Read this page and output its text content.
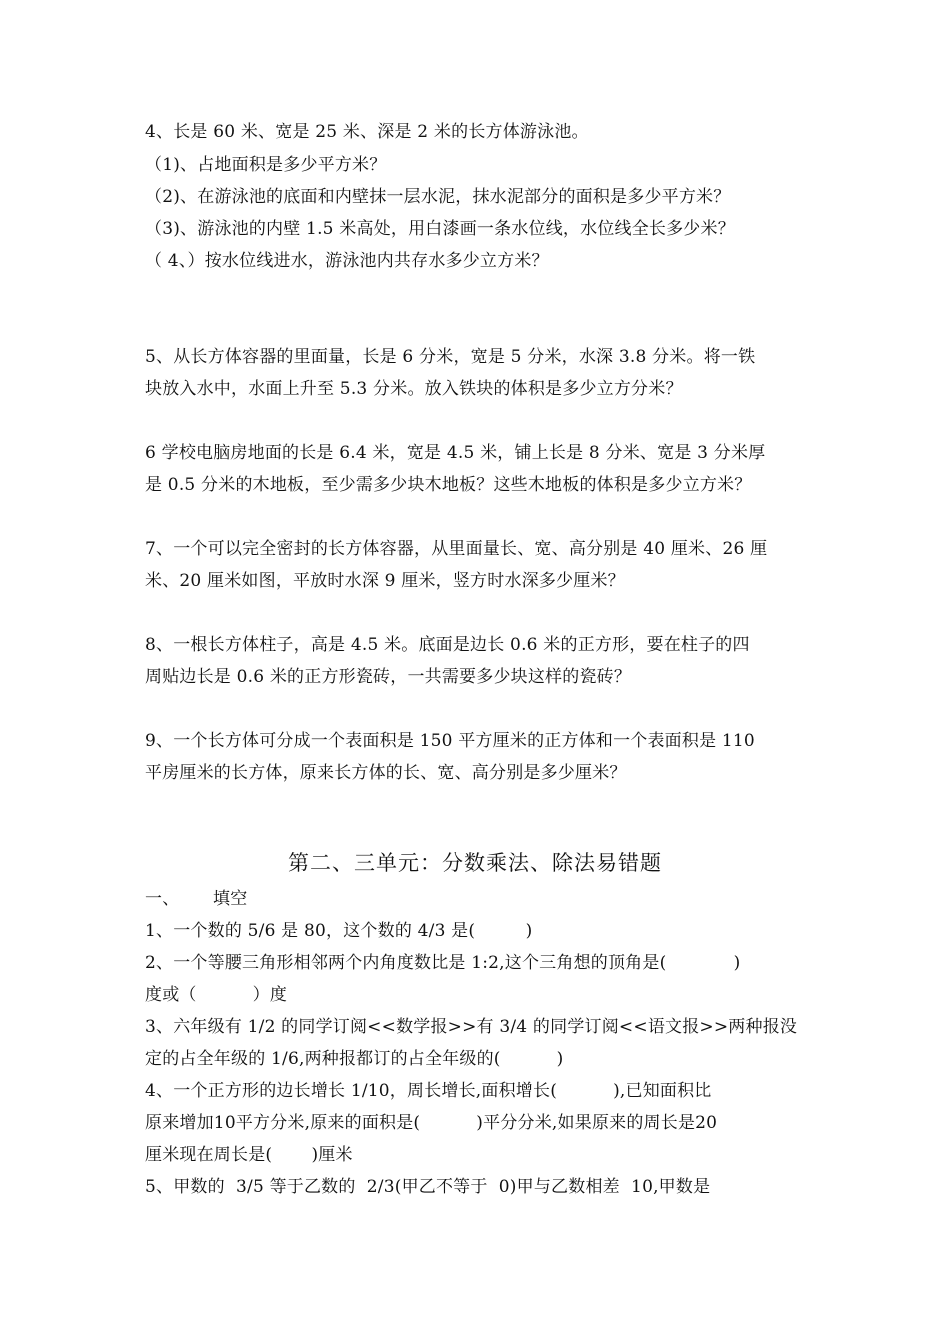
4、长是 60 米、宽是 25 米、深是 2 米的长方体游泳池。
（1)、占地面积是多少平方米？
（2)、在游泳池的底面和内壁抹一层水泥，抹水泥部分的面积是多少平方米？
（3)、游泳池的内壁 1.5 米高处，用白漆画一条水位线，水位线全长多少米？
（ 4、）按水位线进水，游泳池内共存水多少立方米？
5、从长方体容器的里面量，长是 6 分米，宽是 5 分米，水深 3.8 分米。将一铁
块放入水中，水面上升至 5.3 分米。放入铁块的体积是多少立方分米？
6 学校电脑房地面的长是 6.4 米，宽是 4.5 米，铺上长是 8 分米、宽是 3 分米厚
是 0.5 分米的木地板，至少需多少块木地板？这些木地板的体积是多少立方米？
7、一个可以完全密封的长方体容器，从里面量长、宽、高分别是 40 厘米、26 厘
米、20 厘米如图，平放时水深 9 厘米，竖方时水深多少厘米？
8、一根长方体柱子，高是 4.5 米。底面是边长 0.6 米的正方形，要在柱子的四
周贴边长是 0.6 米的正方形瓷砖，一共需要多少块这样的瓷砖？
9、一个长方体可分成一个表面积是 150 平方厘米的正方体和一个表面积是 110
平房厘米的长方体，原来长方体的长、宽、高分别是多少厘米？
第二、三单元：分数乘法、除法易错题
一、      填空
1、一个数的 5/6 是 80，这个数的 4/3 是(         )
2、一个等腰三角形相邻两个内角度数比是 1:2,这个三角想的顶角是(            )
度或（          ）度
3、六年级有 1/2 的同学订阅<<数学报>>有 3/4 的同学订阅<<语文报>>两种报没
定的占全年级的 1/6,两种报都订的占全年级的(          )
4、一个正方形的边长增长 1/10，周长增长,面积增长(          ),已知面积比
原来增加10平方分米,原来的面积是(          )平分分米,如果原来的周长是20
厘米现在周长是(       )厘米
5、甲数的  3/5 等于乙数的  2/3(甲乙不等于  0)甲与乙数相差  10,甲数是
